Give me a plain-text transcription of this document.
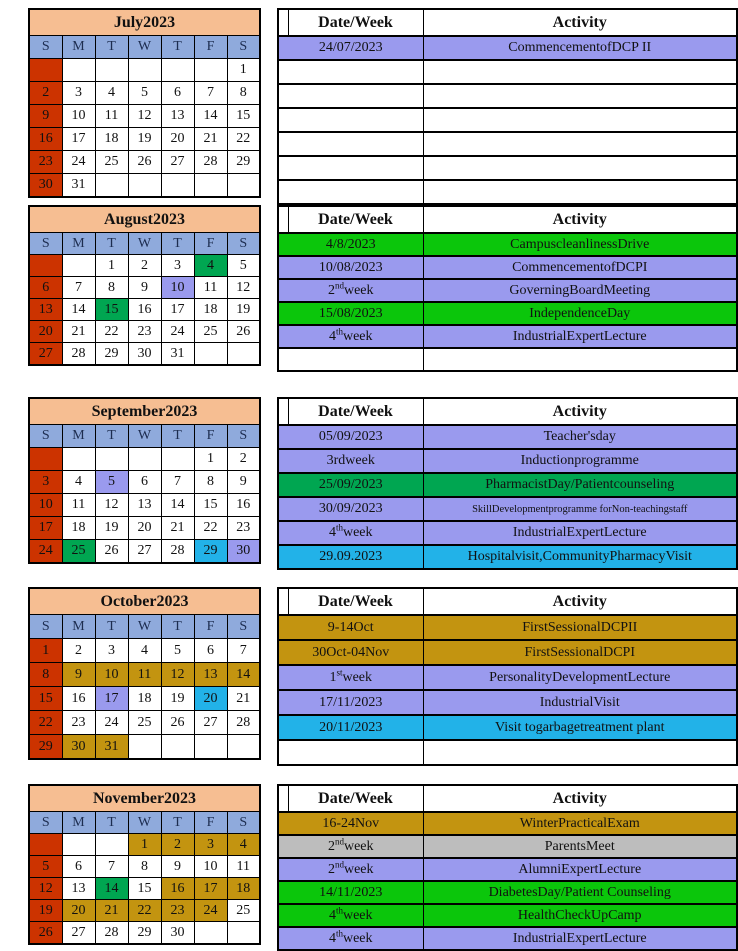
July2023						
S	M	T	W	T	F	S
						1
2	3	4	5	6	7	8
9	10	11	12	13	14	15
16	17	18	19	20	21	22
23	24	25	26	27	28	29
30	31					
	Date/Week	Activity
24/07/2023		CommencementofDCP II

August2023						
S	M	T	W	T	F	S
		1	2	3	4	5
6	7	8	9	10	11	12
13	14	15	16	17	18	19
20	21	22	23	24	25	26
27	28	29	30	31		
	Date/Week	Activity
4/8/2023		CampuscleanlinessDrive
10/08/2023		CommencementofDCPI
2ndweek		GoverningBoardMeeting
15/08/2023		IndependenceDay
4thweek		IndustrialExpertLecture

September2023						
S	M	T	W	T	F	S
					1	2
3	4	5	6	7	8	9
10	11	12	13	14	15	16
17	18	19	20	21	22	23
24	25	26	27	28	29	30
	Date/Week	Activity
05/09/2023		Teacher'sday
3rdweek		Inductionprogramme
25/09/2023		PharmacistDay/Patientcounseling
30/09/2023		SkillDevelopmentprogramme forNon-teachingstaff
4thweek		IndustrialExpertLecture
29.09.2023		Hospitalvisit,CommunityPharmacyVisit
October2023						
S	M	T	W	T	F	S
1	2	3	4	5	6	7
8	9	10	11	12	13	14
15	16	17	18	19	20	21
22	23	24	25	26	27	28
29	30	31				
	Date/Week	Activity
9-14Oct		FirstSessionalDCPII
30Oct-04Nov		FirstSessionalDCPI
1stweek		PersonalityDevelopmentLecture
17/11/2023		IndustrialVisit
20/11/2023		Visit togarbagetreatment plant

November2023						
S	M	T	W	T	F	S
			1	2	3	4
5	6	7	8	9	10	11
12	13	14	15	16	17	18
19	20	21	22	23	24	25
26	27	28	29	30		
	Date/Week	Activity
16-24Nov		WinterPracticalExam
2ndweek		ParentsMeet
2ndweek		AlumniExpertLecture
14/11/2023		DiabetesDay/Patient Counseling
4thweek		HealthCheckUpCamp
4thweek		IndustrialExpertLecture
